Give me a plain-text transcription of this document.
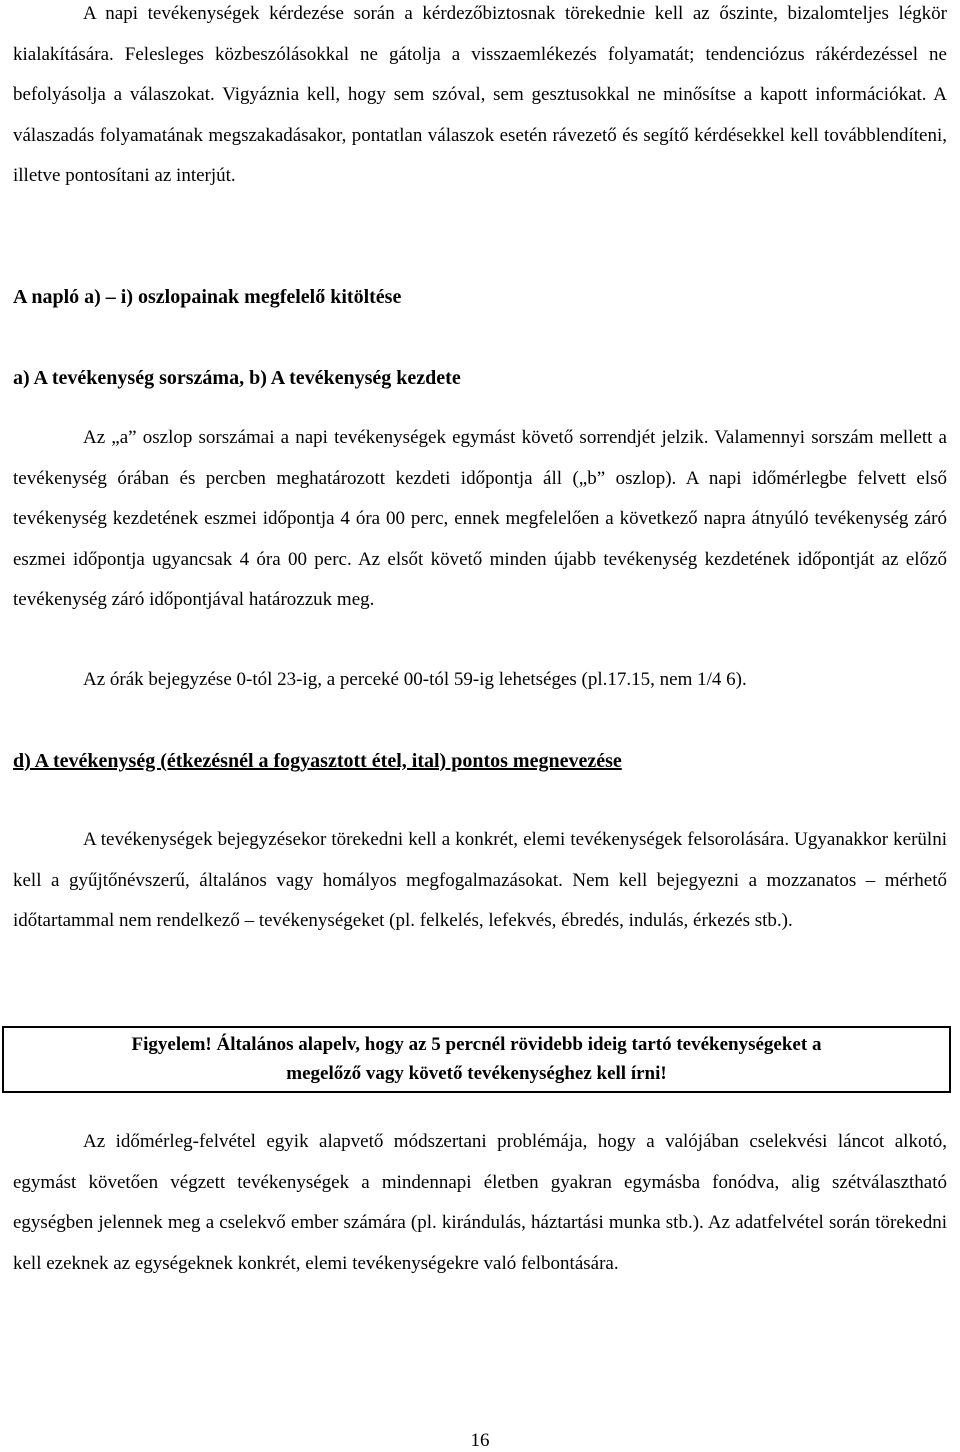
A napi tevékenységek kérdezése során a kérdezőbiztosnak törekednie kell az őszinte, bizalomteljes légkör kialakítására. Felesleges közbeszólásokkal ne gátolja a visszaemlékezés folyamatát; tendenciózus rákérdezéssel ne befolyásolja a válaszokat. Vigyáznia kell, hogy sem szóval, sem gesztusokkal ne minősítse a kapott információkat. A válaszadás folyamatának megszakadásakor, pontatlan válaszok esetén rávezető és segítő kérdésekkel kell továbblendíteni, illetve pontosítani az interjút.

A napló a) – i) oszlopainak megfelelő kitöltése
a) A tevékenység sorszáma, b) A tevékenység kezdete

Az „a” oszlop sorszámai a napi tevékenységek egymást követő sorrendjét jelzik. Valamennyi sorszám mellett a tevékenység órában és percben meghatározott kezdeti időpontja áll („b” oszlop). A napi időmérlegbe felvett első tevékenység kezdetének eszmei időpontja 4 óra 00 perc, ennek megfelelően a következő napra átnyúló tevékenység záró eszmei időpontja ugyancsak 4 óra 00 perc. Az elsőt követő minden újabb tevékenység kezdetének időpontját az előző tevékenység záró időpontjával határozzuk meg.

Az órák bejegyzése 0-tól 23-ig, a perceké 00-tól 59-ig lehetséges (pl.17.15, nem 1/4 6).

d) A tevékenység (étkezésnél a fogyasztott étel, ital) pontos megnevezése

A tevékenységek bejegyzésekor törekedni kell a konkrét, elemi tevékenységek felsorolására. Ugyanakkor kerülni kell a gyűjtőnévszerű, általános vagy homályos megfogalmazásokat. Nem kell bejegyezni a mozzanatos – mérhető időtartammal nem rendelkező – tevékenységeket (pl. felkelés, lefekvés, ébredés, indulás, érkezés stb.).

Figyelem! Általános alapelv, hogy az 5 percnél rövidebb ideig tartó tevékenységeket a
megelőző vagy követő tevékenységhez kell írni!

Az időmérleg-felvétel egyik alapvető módszertani problémája, hogy a valójában cselekvési láncot alkotó, egymást követően végzett tevékenységek a mindennapi életben gyakran egymásba fonódva, alig szétválasztható egységben jelennek meg a cselekvő ember számára (pl. kirándulás, háztartási munka stb.). Az adatfelvétel során törekedni kell ezeknek az egységeknek konkrét, elemi tevékenységekre való felbontására.

16
